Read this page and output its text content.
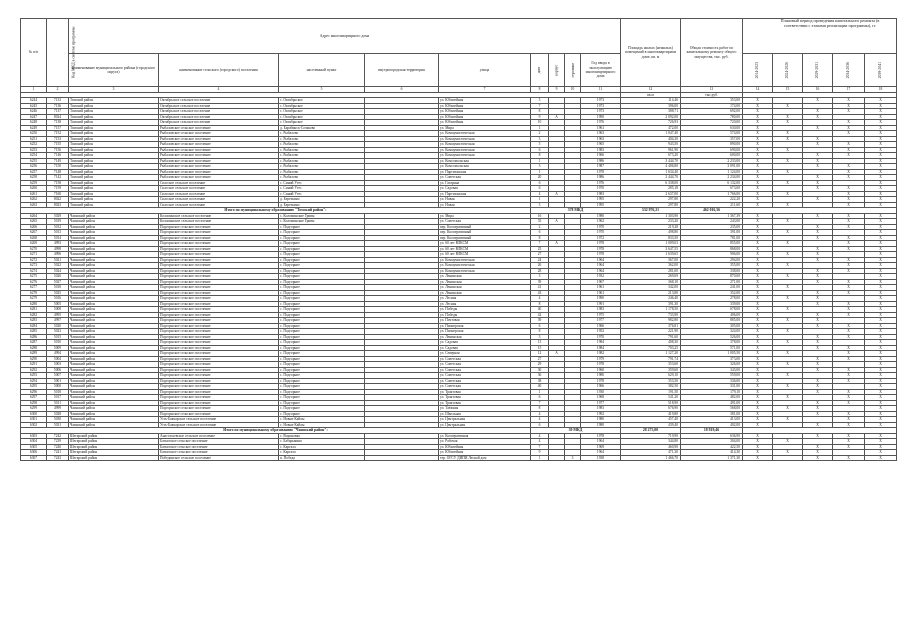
Плановый период проведения капитального ремонта (в соответствии с этапами реализации программы), гг.
№ п/п	Код МКД в системе программы	Адрес многоквартирного дома									Площадь жилых (нежилых) помещений в многоквартирном доме, кв. м	Общая стоимость работ по капитальному ремонту общего имущества, тыс. руб.					
		наименование муниципального района (городского округа)	наименование сельского (городского) поселения	населенный пункт	внутригородская территория	улица	дом	корпус	строение	Год ввода в эксплуатацию многоквартирного дома			2014-2023	2024-2026	2029-2031	2034-2036	2039-2041
1	2	3	4	5	6	7	8	9	10	11	12	13	14	15	16	17	18
											кв.м	тыс.руб.					
6244	7133	Томский район	Октябрьское сельское поселение	с. Октябрьское		ул. Юбилейная	5			1973	114,46	353,00	Х		Х	Х	Х
6245	7136	Томский район	Октябрьское сельское поселение	с. Октябрьское		ул. Юбилейная	7			1973	396,00	174,00	Х	Х		Х	Х
6246	7137	Томский район	Октябрьское сельское поселение	с. Октябрьское		ул. Юбилейная	8			1973	388,71	692,00	Х		Х	Х	Х
6247	8024	Томский район	Октябрьское сельское поселение	с. Октябрьское		ул. Юбилейная	9	А		1990	2 092,00	780,00	Х	Х	Х		Х
6248	7138	Томский район	Октябрьское сельское поселение	с. Октябрьское		ул. Юбилейная	10			1976	726,93	720,00	Х	Х		Х	Х
6249	7157	Томский район	Рыбаловское сельское поселение	д. Барабинск-Сочаково		ул. Мира	1			1961	472,00	630,00	Х		Х	Х	Х
6250	7152	Томский район	Рыбаловское сельское поселение	с. Рыбалово		ул. Коммунистическая	2			1963	1 047,40	574,00	Х	Х		Х	Х
6251	7153	Томский район	Рыбаловское сельское поселение	с. Рыбалово		ул. Коммунистическая	3			1963	404,30	357,00	Х	Х	Х		Х
6252	7155	Томский район	Рыбаловское сельское поселение	с. Рыбалово		ул. Коммунистическая	5			1965	943,50	890,00	Х		Х	Х	Х
6253	7156	Томский район	Рыбаловское сельское поселение	с. Рыбалово		ул. Коммунистическая	6			1983	961,90	690,00	Х	Х		Х	Х
6254	7146	Томский район	Рыбаловское сельское поселение	с. Рыбалово		ул. Коммунистическая	8			1966	673,20	600,00	Х		Х	Х	Х
6255	7149	Томский район	Рыбаловское сельское поселение	с. Рыбалово		ул. Комсомольская	1			1986	3 444,70	2 233,00	Х	Х	Х		Х
6256	7150	Томский район	Рыбаловское сельское поселение	с. Рыбалово		ул. Комсомольская	3			1987	4 406,80	3 091,00	Х		Х	Х	Х
6257	7148	Томский район	Рыбаловское сельское поселение	с. Рыбалово		ул. Партизанская	1			1978	1 634,40	1 124,00	Х	Х		Х	Х
6258	7142	Томский район	Рыбаловское сельское поселение	с. Рыбалово		ул. Советская	20			1986	2 444,70	2 234,00	Х		Х	Х	Х
6259	7158	Томский район	Спасское сельское поселение	с. Синий Утес		ул. Гагарина	6			1976	6 338,00	6 132,00	Х	Х	Х		Х
6260	7159	Томский район	Спасское сельское поселение	с. Синий Утес		ул. Садовая	6			1970	285,18	673,00	Х		Х	Х	Х
6261	7160	Томский район	Спасское сельское поселение	с. Синий Утес		ул. Партизанская	4	А		1983	2 637,00	1 766,00	Х	Х		Х	Х
6262	8022	Томский район	Спасское сельское поселение	д. Березкино		ул. Новая	1			1995	297,80	222,20	Х		Х	Х	Х
6263	8023	Томский район	Спасское сельское поселение	д. Березкино		ул. Новая	3			1995	297,80	211,60	Х	Х		Х	Х
Итого по муниципальному образованию "Томский район":							378 МКД				532 976,21	462 016,56					
6264	5029	Чаинский район	Коломинское сельское поселение	с. Коломинские Гривы		ул. Мира	16			1980	1 303,90	1 367,39	Х		Х	Х	Х
6265	5019	Чаинский район	Коломинское сельское поселение	с. Коломинские Гривы		ул. Советская	35	А		1962	233,20	243,00	Х	Х		Х	Х
6266	5012	Чаинский район	Подгорнское сельское поселение	с. Подгорное		пер. Кооперативный	2			1970	219,28	235,00	Х		Х	Х	Х
6267	5013	Чаинский район	Подгорнское сельское поселение	с. Подгорное		пер. Кооперативный	6			1970	498,80	391,00	Х	Х	Х		Х
6268	5014	Чаинский район	Подгорнское сельское поселение	с. Подгорное		пер. Кооперативный	8			1972	833,50	781,00	Х		Х	Х	Х
6269	4993	Чаинский район	Подгорнское сельское поселение	с. Подгорное		ул. 60 лет ВЛКСМ	7	А		1978	1 009,03	855,00	Х	Х		Х	Х
6270	4998	Чаинский район	Подгорнское сельское поселение	с. Подгорное		ул. 60 лет ВЛКСМ	25			1978	3 647,55	868,00	Х		Х	Х	Х
6271	4996	Чаинский район	Подгорнское сельское поселение	с. Подгорное		ул. 60 лет ВЛКСМ	27			1978	1 639,65	906,00	Х	Х	Х		Х
6272	5021	Чаинский район	Подгорнское сельское поселение	с. Подгорное		ул. Коммунистическая	24			1964	367,00	294,00	Х		Х	Х	Х
6273	5022	Чаинский район	Подгорнское сельское поселение	с. Подгорное		ул. Коммунистическая	26			1964	362,00	355,00	Х	Х		Х	Х
6274	5024	Чаинский район	Подгорнское сельское поселение	с. Подгорное		ул. Коммунистическая	28			1964	281,00	338,00	Х		Х	Х	Х
6275	5026	Чаинский район	Подгорнское сельское поселение	с. Подгорное		ул. Ленинская	3			1932	269,69	870,00	Х	Х	Х		Х
6276	5027	Чаинский район	Подгорнское сельское поселение	с. Подгорное		ул. Ленинская	39			1967	368,10	271,00	Х		Х	Х	Х
6277	5018	Чаинский район	Подгорнское сельское поселение	с. Подгорное		ул. Ленинская	41			1961	342,00	241,00	Х	Х		Х	Х
6278	5025	Чаинский район	Подгорнское сельское поселение	с. Подгорное		ул. Ленинская	43			1961	213,80	352,00	Х		Х	Х	Х
6279	5016	Чаинский район	Подгорнское сельское поселение	с. Подгорное		ул. Лесная	4			1990	246,40	278,00	Х	Х	Х		Х
6280	5005	Чаинский район	Подгорнское сельское поселение	с. Подгорное		ул. Лесная	8			1991	391,30	339,00	Х		Х	Х	Х
6281	5008	Чаинский район	Подгорнское сельское поселение	с. Подгорное		ул. Победы	40			1983	1 178,50	678,00	Х	Х		Х	Х
6282	4995	Чаинский район	Подгорнское сельское поселение	с. Подгорное		ул. Победы	42			1975	733,90	406,00	Х		Х	Х	Х
6283	4997	Чаинский район	Подгорнское сельское поселение	с. Подгорное		ул. Почтовая	39			1977	982,80	885,00	Х	Х	Х		Х
6284	5020	Чаинский район	Подгорнское сельское поселение	с. Подгорное		ул. Пионерская	6			1966	376,81	305,00	Х		Х	Х	Х
6285	5023	Чаинский район	Подгорнское сельское поселение	с. Подгорное		ул. Пионерская	8			1952	221,90	324,00	Х	Х		Х	Х
6286	5015	Чаинский район	Подгорнское сельское поселение	с. Подгорное		ул. Ленинская	3			1970	791,60	526,00	Х		Х	Х	Х
6287	5010	Чаинский район	Подгорнское сельское поселение	с. Подгорное		ул. Садовая	13			1984	408,30	378,00	Х	Х	Х		Х
6288	5009	Чаинский район	Подгорнское сельское поселение	с. Подгорное		ул. Садовая	15			1984	703,25	571,00	Х		Х	Х	Х
6289	4994	Чаинский район	Подгорнское сельское поселение	с. Подгорное		ул. Северная	12	А		1982	1 127,20	1 005,50	Х	Х		Х	Х
6290	5004	Чаинский район	Подгорнское сельское поселение	с. Подгорное		ул. Советская	27			1979	791,74	373,00	Х		Х	Х	Х
6291	5003	Чаинский район	Подгорнское сельское поселение	с. Подгорное		ул. Советская	29			1978	353,60	326,00	Х	Х	Х		Х
6292	5006	Чаинский район	Подгорнское сельское поселение	с. Подгорное		ул. Советская	30			1960	359,60	343,00	Х		Х	Х	Х
6293	5007	Чаинский район	Подгорнское сельское поселение	с. Подгорное		ул. Советская	36			1980	629,10	559,00	Х	Х		Х	Х
6294	5001	Чаинский район	Подгорнское сельское поселение	с. Подгорное		ул. Советская	38			1978	353,50	336,00	Х		Х	Х	Х
6295	5000	Чаинский район	Подгорнское сельское поселение	с. Подгорное		ул. Советская	40			1966	382,50	331,00	Х	Х	Х		Х
6296	5018	Чаинский район	Подгорнское сельское поселение	с. Подгорное		ул. Трактовая	1			1930	191,50	179,10	Х		Х	Х	Х
6297	5017	Чаинский район	Подгорнское сельское поселение	с. Подгорное		ул. Трактовая	6			1968	541,20	482,00	Х	Х		Х	Х
6298	5011	Чаинский район	Подгорнское сельское поселение	с. Подгорное		ул. Трактовая	7			1977	518,90	491,00	Х		Х	Х	Х
6299	4999	Чаинский район	Подгорнское сельское поселение	с. Подгорное		ул. Таёжная	8			1983	676,90	568,00	Х	Х	Х		Х
6300	5028	Чаинский район	Подгорнское сельское поселение	с. Подгорное		ул. Школьная	4			1992	419,80	381,00	Х		Х	Х	Х
6301	5030	Чаинский район	Усть-Бакчарское сельское поселение	с. Новые Кайлы		ул. Центральная	4			1980	457,40	413,00	Х	Х		Х	Х
6302	5031	Чаинский район	Усть-Бакчарское сельское поселение	с. Новые Кайлы		ул. Центральная	6			1980	439,40	402,00	Х		Х	Х	Х
Итого по муниципальному образованию "Чаинский район":							39 МКД				28 275,00	18 919,46					
6303	7242	Шегарский район	Анастасьевское сельское поселение	с. Вороновка		ул. Кооперативная	4			1978	719,90	636,90	Х		Х	Х	Х
6304	7239	Шегарский район	Баткатское сельское поселение	с. Бабарыкино		ул. Рабочая	4			1964	344,80	304,00	Х	Х		Х	Х
6305	7240	Шегарский район	Баткатское сельское поселение	с. Каргала		ул. Юбилейная	7			1969	460,90	422,50	Х		Х	Х	Х
6306	7241	Шегарский район	Баткатское сельское поселение	с. Каргала		ул. Юбилейная	9			1964	471,30	414,30	Х	Х	Х		Х
6307	7243	Шегарский район	Побединское сельское поселение	п. Победа		тер. ОГСУ ДИПИ Лесной дом	1		3	1938	1 466,70	1 371,30	Х		Х	Х	Х
